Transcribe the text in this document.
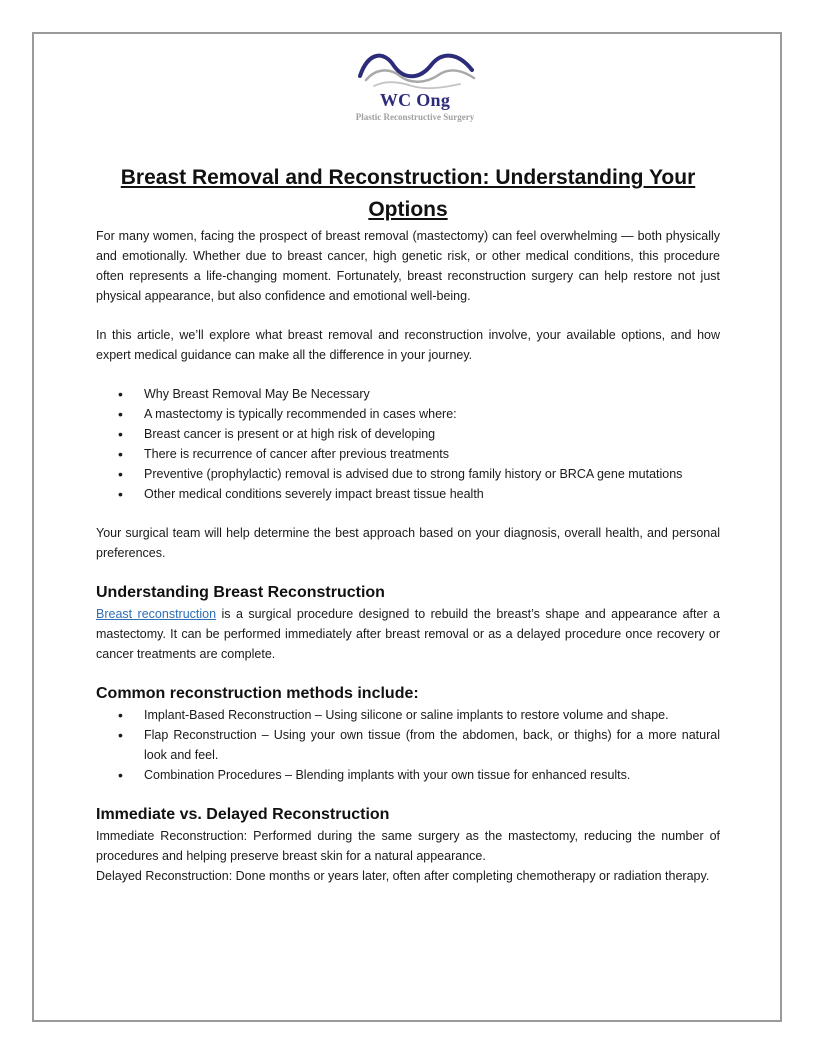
WC Ong
Plastic Reconstructive Surgery
Breast Removal and Reconstruction: Understanding Your Options

For many women, facing the prospect of breast removal (mastectomy) can feel overwhelming — both physically and emotionally. Whether due to breast cancer, high genetic risk, or other medical conditions, this procedure often represents a life-changing moment. Fortunately, breast reconstruction surgery can help restore not just physical appearance, but also confidence and emotional well-being.

In this article, we’ll explore what breast removal and reconstruction involve, your available options, and how expert medical guidance can make all the difference in your journey.

• Why Breast Removal May Be Necessary
• A mastectomy is typically recommended in cases where:
• Breast cancer is present or at high risk of developing
• There is recurrence of cancer after previous treatments
• Preventive (prophylactic) removal is advised due to strong family history or BRCA gene mutations
• Other medical conditions severely impact breast tissue health

Your surgical team will help determine the best approach based on your diagnosis, overall health, and personal preferences.

Understanding Breast Reconstruction

Breast reconstruction is a surgical procedure designed to rebuild the breast’s shape and appearance after a mastectomy. It can be performed immediately after breast removal or as a delayed procedure once recovery or cancer treatments are complete.

Common reconstruction methods include:
• Implant-Based Reconstruction – Using silicone or saline implants to restore volume and shape.
• Flap Reconstruction – Using your own tissue (from the abdomen, back, or thighs) for a more natural look and feel.
• Combination Procedures – Blending implants with your own tissue for enhanced results.
Immediate vs. Delayed Reconstruction

Immediate Reconstruction: Performed during the same surgery as the mastectomy, reducing the number of procedures and helping preserve breast skin for a natural appearance.

Delayed Reconstruction: Done months or years later, often after completing chemotherapy or radiation therapy.
